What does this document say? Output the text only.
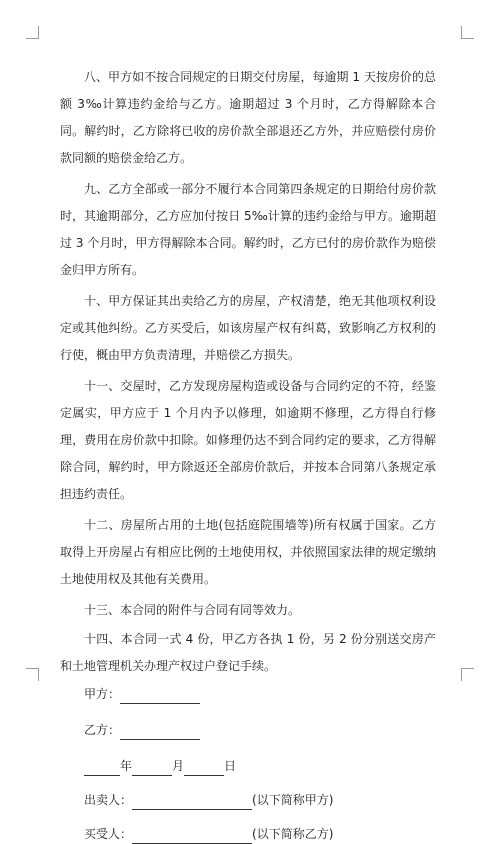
八、甲方如不按合同规定的日期交付房屋，每逾期 1 天按房价的总额 3‰计算违约金给与乙方。逾期超过 3 个月时，乙方得解除本合同。解约时，乙方除将已收的房价款全部退还乙方外，并应赔偿付房价款同额的赔偿金给乙方。

九、乙方全部或一部分不履行本合同第四条规定的日期给付房价款时，其逾期部分，乙方应加付按日 5‰计算的违约金给与甲方。逾期超过 3 个月时，甲方得解除本合同。解约时，乙方已付的房价款作为赔偿金归甲方所有。

十、甲方保证其出卖给乙方的房屋，产权清楚，绝无其他项权利设定或其他纠纷。乙方买受后，如该房屋产权有纠葛，致影响乙方权利的行使，概由甲方负责清理，并赔偿乙方损失。

十一、交屋时，乙方发现房屋构造或设备与合同约定的不符，经鉴定属实，甲方应于 1 个月内予以修理，如逾期不修理，乙方得自行修理，费用在房价款中扣除。如修理仍达不到合同约定的要求，乙方得解除合同，解约时，甲方除返还全部房价款后，并按本合同第八条规定承担违约责任。

十二、房屋所占用的土地(包括庭院围墙等)所有权属于国家。乙方取得上开房屋占有相应比例的土地使用权，并依照国家法律的规定缴纳土地使用权及其他有关费用。

十三、本合同的附件与合同有同等效力。

十四、本合同一式 4 份，甲乙方各执 1 份，另 2 份分别送交房产和土地管理机关办理产权过户登记手续。

甲方：
乙方：
年	月	日
出卖人：	(以下简称甲方)
买受人：	(以下简称乙方)
